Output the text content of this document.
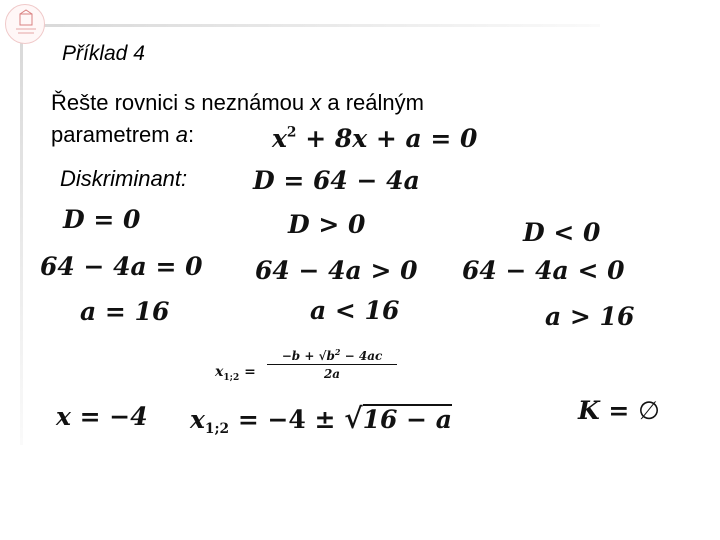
Příklad 4
Řešte rovnici s neznámou x a reálným
parametrem a:	$x^2 + 8x + a = 0$
Diskriminant:	D = 64 − 4a
D = 0
64 − 4a = 0
a = 16
x = −4
D > 0
64 − 4a > 0
a < 16
$x_{1;2}$ =
$-b + √b^2 - 4ac$
2a
$x_{1;2} = -4 \pm √16 - a$
D < 0
64 − 4a < 0
a > 16
K = ∅
